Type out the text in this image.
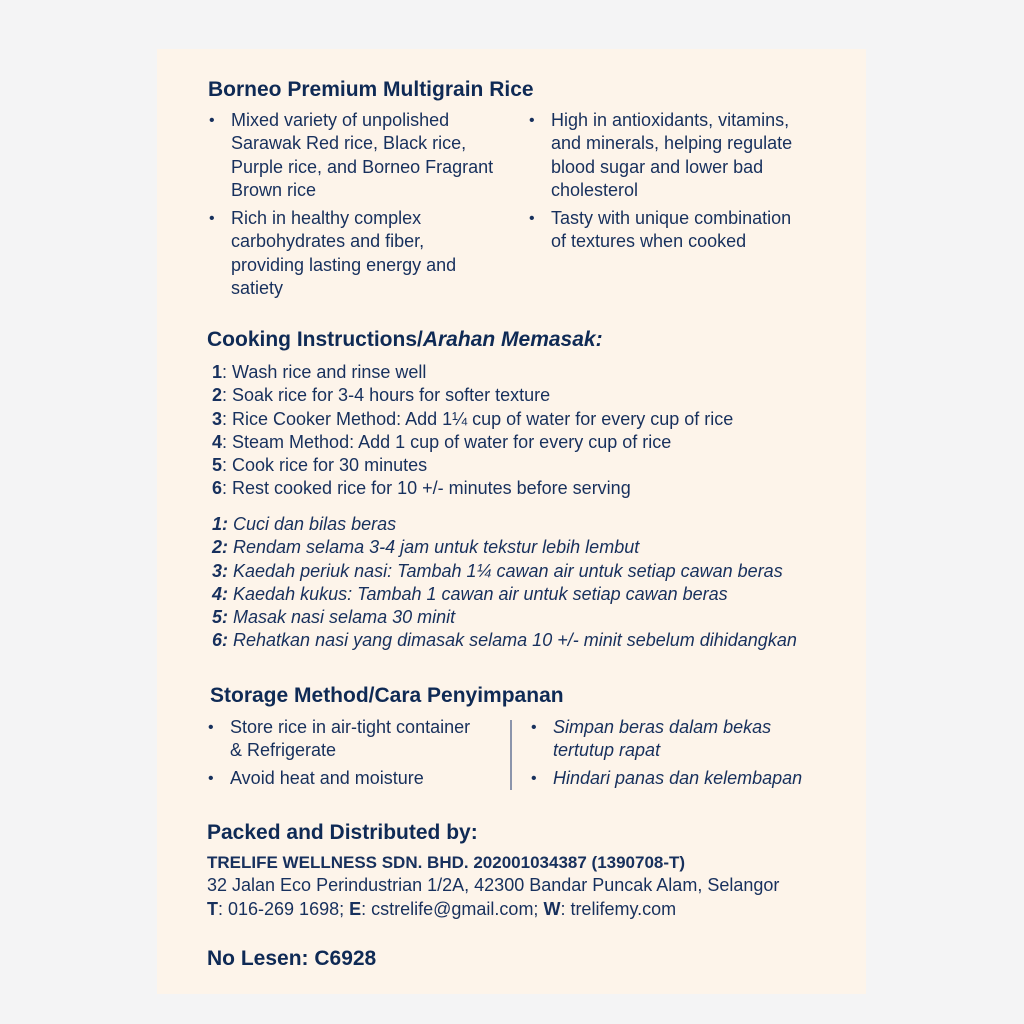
Borneo Premium Multigrain Rice
• Mixed variety of unpolished
Sarawak Red rice, Black rice,
Purple rice, and Borneo Fragrant
Brown rice
• Rich in healthy complex
carbohydrates and fiber,
providing lasting energy and
satiety
• High in antioxidants, vitamins,
and minerals, helping regulate
blood sugar and lower bad
cholesterol
• Tasty with unique combination
of textures when cooked
Cooking Instructions/Arahan Memasak:
1: Wash rice and rinse well
2: Soak rice for 3-4 hours for softer texture
3: Rice Cooker Method: Add 1¼ cup of water for every cup of rice
4: Steam Method: Add 1 cup of water for every cup of rice
5: Cook rice for 30 minutes
6: Rest cooked rice for 10 +/- minutes before serving
1: Cuci dan bilas beras
2: Rendam selama 3-4 jam untuk tekstur lebih lembut
3: Kaedah periuk nasi: Tambah 1¼ cawan air untuk setiap cawan beras
4: Kaedah kukus: Tambah 1 cawan air untuk setiap cawan beras
5: Masak nasi selama 30 minit
6: Rehatkan nasi yang dimasak selama 10 +/- minit sebelum dihidangkan
Storage Method/Cara Penyimpanan
• Store rice in air-tight container
& Refrigerate
• Avoid heat and moisture
• Simpan beras dalam bekas
tertutup rapat
• Hindari panas dan kelembapan
Packed and Distributed by:
TRELIFE WELLNESS SDN. BHD. 202001034387 (1390708-T)
32 Jalan Eco Perindustrian 1/2A, 42300 Bandar Puncak Alam, Selangor
T: 016-269 1698; E: cstrelife@gmail.com; W: trelifemy.com
No Lesen: C6928
